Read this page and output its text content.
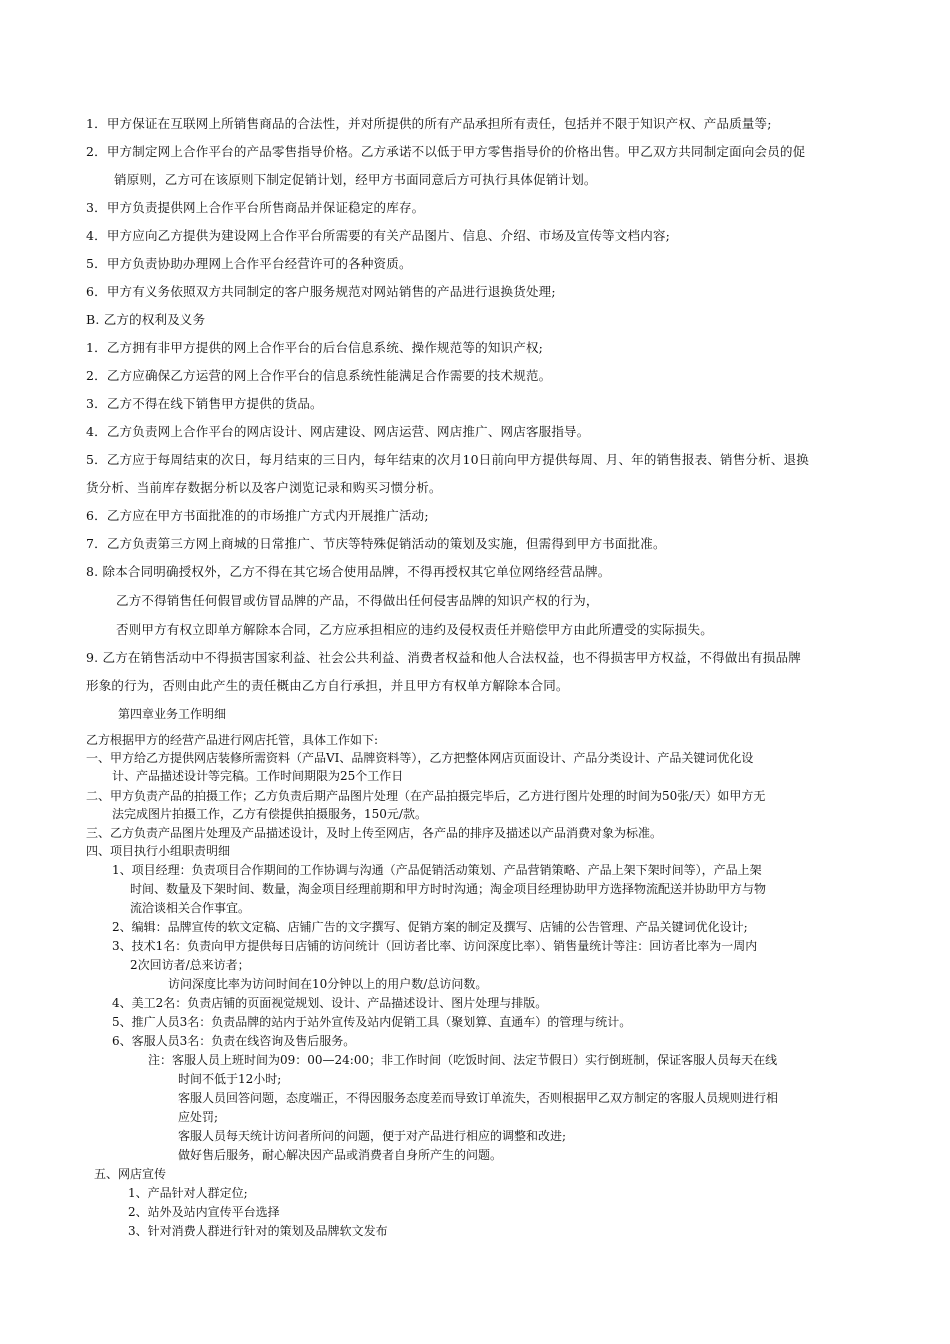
1．甲方保证在互联网上所销售商品的合法性，并对所提供的所有产品承担所有责任，包括并不限于知识产权、产品质量等;
2．甲方制定网上合作平台的产品零售指导价格。乙方承诺不以低于甲方零售指导价的价格出售。甲乙双方共同制定面向会员的促
销原则，乙方可在该原则下制定促销计划，经甲方书面同意后方可执行具体促销计划。
3．甲方负责提供网上合作平台所售商品并保证稳定的库存。
4．甲方应向乙方提供为建设网上合作平台所需要的有关产品图片、信息、介绍、市场及宣传等文档内容;
5．甲方负责协助办理网上合作平台经营许可的各种资质。
6．甲方有义务依照双方共同制定的客户服务规范对网站销售的产品进行退换货处理;
B. 乙方的权利及义务
1．乙方拥有非甲方提供的网上合作平台的后台信息系统、操作规范等的知识产权;
2．乙方应确保乙方运营的网上合作平台的信息系统性能满足合作需要的技术规范。
3．乙方不得在线下销售甲方提供的货品。
4．乙方负责网上合作平台的网店设计、网店建设、网店运营、网店推广、网店客服指导。
5．乙方应于每周结束的次日，每月结束的三日内，每年结束的次月10日前向甲方提供每周、月、年的销售报表、销售分析、退换
货分析、当前库存数据分析以及客户浏览记录和购买习惯分析。
6．乙方应在甲方书面批准的的市场推广方式内开展推广活动;
7．乙方负责第三方网上商城的日常推广、节庆等特殊促销活动的策划及实施，但需得到甲方书面批准。
8. 除本合同明确授权外，乙方不得在其它场合使用品牌，不得再授权其它单位网络经营品牌。
乙方不得销售任何假冒或仿冒品牌的产品，不得做出任何侵害品牌的知识产权的行为，
否则甲方有权立即单方解除本合同，乙方应承担相应的违约及侵权责任并赔偿甲方由此所遭受的实际损失。
9. 乙方在销售活动中不得损害国家利益、社会公共利益、消费者权益和他人合法权益，也不得损害甲方权益，不得做出有损品牌
形象的行为，否则由此产生的责任概由乙方自行承担，并且甲方有权单方解除本合同。
第四章业务工作明细
乙方根据甲方的经营产品进行网店托管，具体工作如下:
一、甲方给乙方提供网店装修所需资料（产品VI、品牌资料等），乙方把整体网店页面设计、产品分类设计、产品关键词优化设
计、产品描述设计等完稿。工作时间期限为25个工作日
二、甲方负责产品的拍摄工作；乙方负责后期产品图片处理（在产品拍摄完毕后，乙方进行图片处理的时间为50张/天）如甲方无
法完成图片拍摄工作，乙方有偿提供拍摄服务，150元/款。
三、乙方负责产品图片处理及产品描述设计，及时上传至网店，各产品的排序及描述以产品消费对象为标准。
四、项目执行小组职责明细
1、项目经理：负责项目合作期间的工作协调与沟通（产品促销活动策划、产品营销策略、产品上架下架时间等），产品上架
时间、数量及下架时间、数量，淘金项目经理前期和甲方时时沟通；淘金项目经理协助甲方选择物流配送并协助甲方与物
流洽谈相关合作事宜。
2、编辑：品牌宣传的软文定稿、店铺广告的文字撰写、促销方案的制定及撰写、店铺的公告管理、产品关键词优化设计;
3、技术1名：负责向甲方提供每日店铺的访问统计（回访者比率、访问深度比率）、销售量统计等注：回访者比率为一周内
2次回访者/总来访者；
访问深度比率为访问时间在10分钟以上的用户数/总访问数。
4、美工2名：负责店铺的页面视觉规划、设计、产品描述设计、图片处理与排版。
5、推广人员3名：负责品牌的站内于站外宣传及站内促销工具（聚划算、直通车）的管理与统计。
6、客服人员3名：负责在线咨询及售后服务。
注：客服人员上班时间为09：00—24:00；非工作时间（吃饭时间、法定节假日）实行倒班制，保证客服人员每天在线
时间不低于12小时;
客服人员回答问题，态度端正，不得因服务态度差而导致订单流失，否则根据甲乙双方制定的客服人员规则进行相
应处罚;
客服人员每天统计访问者所问的问题，便于对产品进行相应的调整和改进;
做好售后服务，耐心解决因产品或消费者自身所产生的问题。
五、网店宣传
1、产品针对人群定位;
2、站外及站内宣传平台选择
3、针对消费人群进行针对的策划及品牌软文发布
